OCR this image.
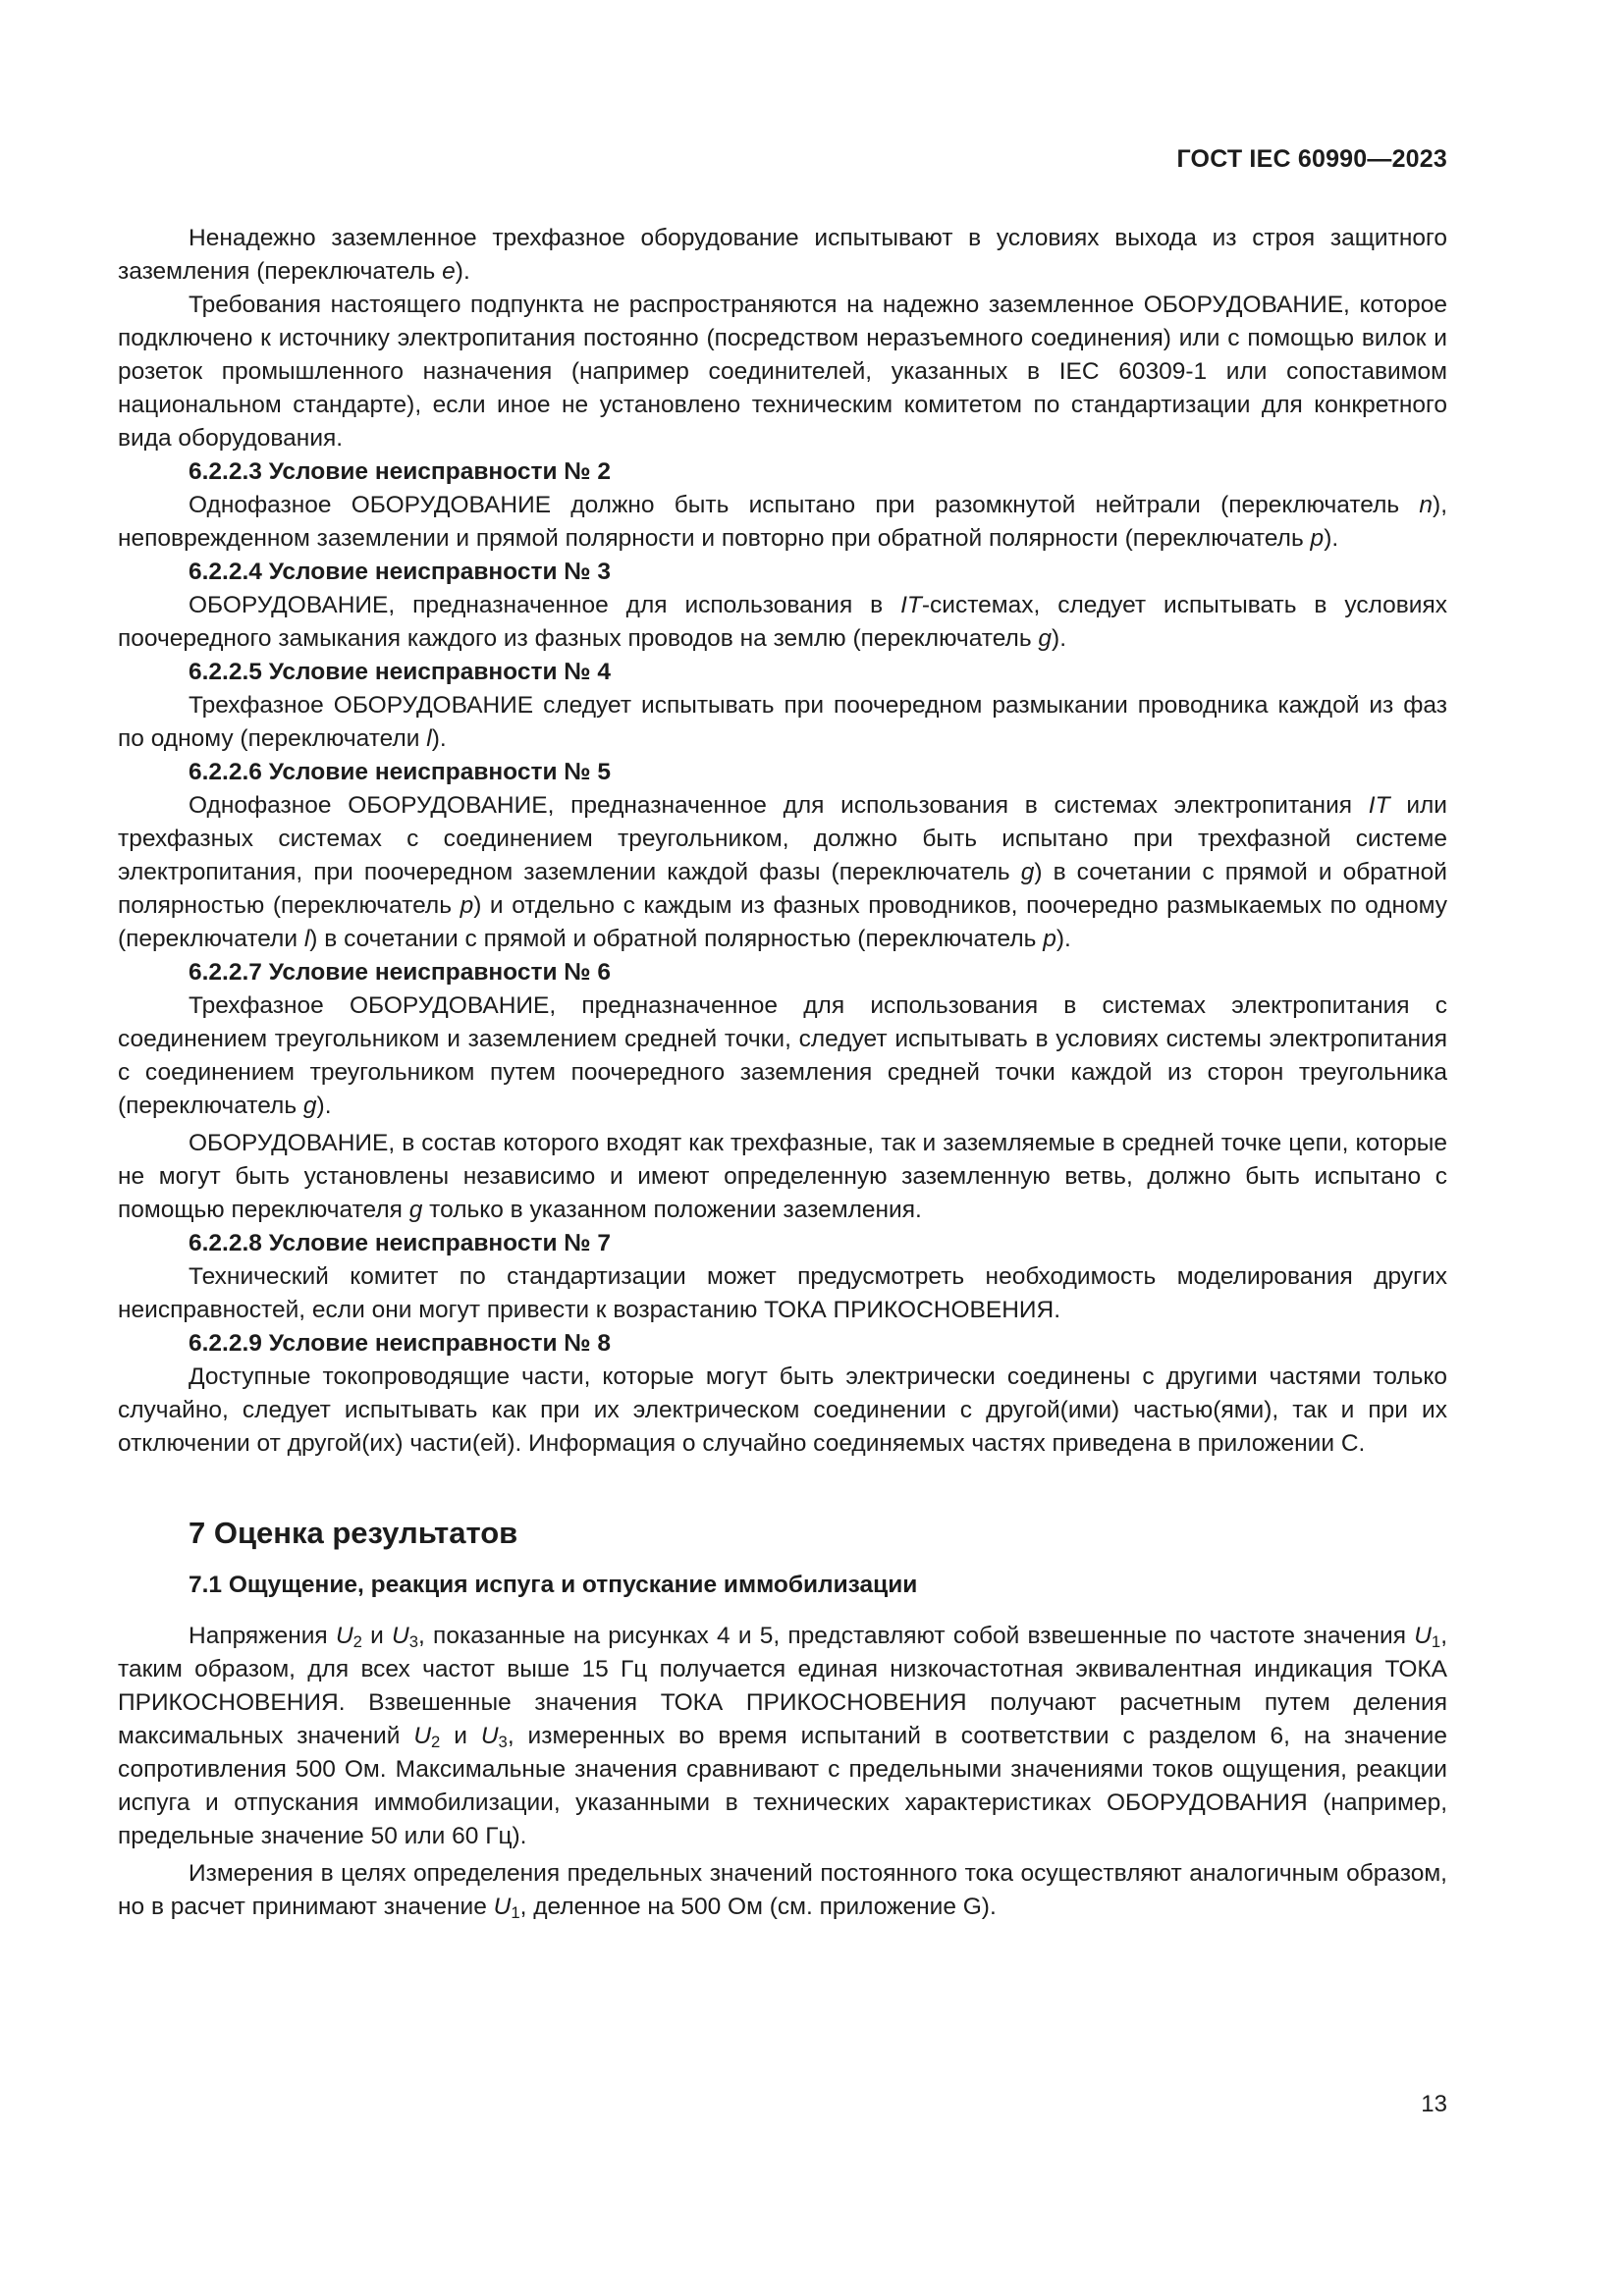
ГОСТ IEC 60990—2023

Ненадежно заземленное трехфазное оборудование испытывают в условиях выхода из строя защитного заземления (переключатель e).

Требования настоящего подпункта не распространяются на надежно заземленное ОБОРУДОВАНИЕ, которое подключено к источнику электропитания постоянно (посредством неразъемного соединения) или с помощью вилок и розеток промышленного назначения (например соединителей, указанных в IEC 60309-1 или сопоставимом национальном стандарте), если иное не установлено техническим комитетом по стандартизации для конкретного вида оборудования.

6.2.2.3 Условие неисправности № 2

Однофазное ОБОРУДОВАНИЕ должно быть испытано при разомкнутой нейтрали (переключатель n), неповрежденном заземлении и прямой полярности и повторно при обратной полярности (переключатель p).

6.2.2.4 Условие неисправности № 3

ОБОРУДОВАНИЕ, предназначенное для использования в IT-системах, следует испытывать в условиях поочередного замыкания каждого из фазных проводов на землю (переключатель g).

6.2.2.5 Условие неисправности № 4

Трехфазное ОБОРУДОВАНИЕ следует испытывать при поочередном размыкании проводника каждой из фаз по одному (переключатели l).

6.2.2.6 Условие неисправности № 5

Однофазное ОБОРУДОВАНИЕ, предназначенное для использования в системах электропитания IT или трехфазных системах с соединением треугольником, должно быть испытано при трехфазной системе электропитания, при поочередном заземлении каждой фазы (переключатель g) в сочетании с прямой и обратной полярностью (переключатель p) и отдельно с каждым из фазных проводников, поочередно размыкаемых по одному (переключатели l) в сочетании с прямой и обратной полярностью (переключатель p).

6.2.2.7 Условие неисправности № 6

Трехфазное ОБОРУДОВАНИЕ, предназначенное для использования в системах электропитания с соединением треугольником и заземлением средней точки, следует испытывать в условиях системы электропитания с соединением треугольником путем поочередного заземления средней точки каждой из сторон треугольника (переключатель g).

ОБОРУДОВАНИЕ, в состав которого входят как трехфазные, так и заземляемые в средней точке цепи, которые не могут быть установлены независимо и имеют определенную заземленную ветвь, должно быть испытано с помощью переключателя g только в указанном положении заземления.

6.2.2.8 Условие неисправности № 7

Технический комитет по стандартизации может предусмотреть необходимость моделирования других неисправностей, если они могут привести к возрастанию ТОКА ПРИКОСНОВЕНИЯ.

6.2.2.9 Условие неисправности № 8

Доступные токопроводящие части, которые могут быть электрически соединены с другими частями только случайно, следует испытывать как при их электрическом соединении с другой(ими) частью(ями), так и при их отключении от другой(их) части(ей). Информация о случайно соединяемых частях приведена в приложении С.

7 Оценка результатов
7.1 Ощущение, реакция испуга и отпускание иммобилизации

Напряжения $U_2$ и $U_3$, показанные на рисунках 4 и 5, представляют собой взвешенные по частоте значения $U_1$, таким образом, для всех частот выше 15 Гц получается единая низкочастотная эквивалентная индикация ТОКА ПРИКОСНОВЕНИЯ. Взвешенные значения ТОКА ПРИКОСНОВЕНИЯ получают расчетным путем деления максимальных значений $U_2$ и $U_3$, измеренных во время испытаний в соответствии с разделом 6, на значение сопротивления 500 Ом. Максимальные значения сравнивают с предельными значениями токов ощущения, реакции испуга и отпускания иммобилизации, указанными в технических характеристиках ОБОРУДОВАНИЯ (например, предельные значение 50 или 60 Гц).

Измерения в целях определения предельных значений постоянного тока осуществляют аналогичным образом, но в расчет принимают значение $U_1$, деленное на 500 Ом (см. приложение G).

13
